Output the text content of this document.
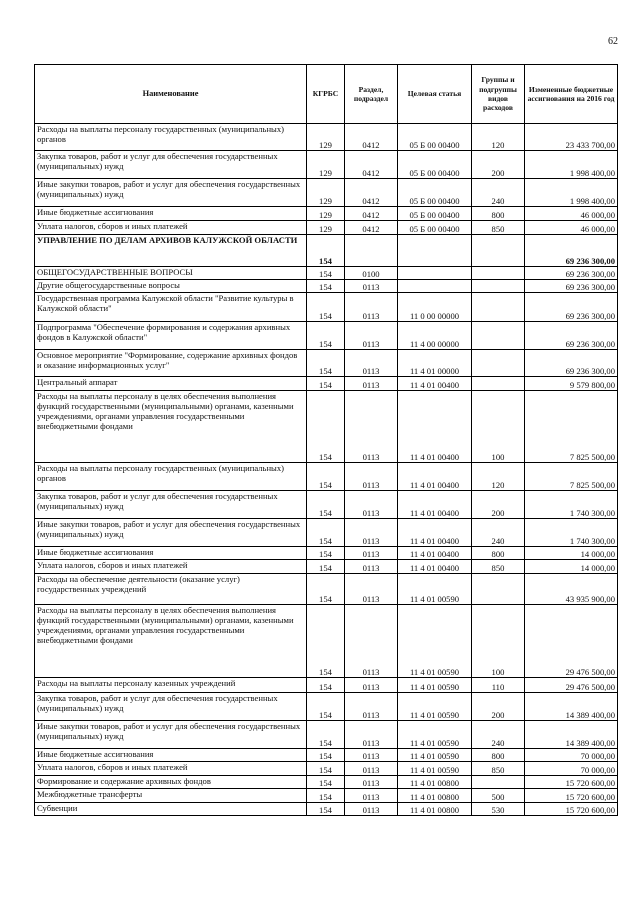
62
Наименование	КГРБС	Раздел, подраздел	Целевая статья	Группы и подгруппы видов расходов	Измененные бюджетные ассигнования на 2016 год
Расходы на выплаты персоналу государственных (муниципальных) органов	129	0412	05 Б 00 00400	120	23 433 700,00
Закупка товаров, работ и услуг для обеспечения государственных (муниципальных) нужд	129	0412	05 Б 00 00400	200	1 998 400,00
Иные закупки товаров, работ и услуг для обеспечения государственных (муниципальных) нужд	129	0412	05 Б 00 00400	240	1 998 400,00
Иные бюджетные ассигнования	129	0412	05 Б 00 00400	800	46 000,00
Уплата налогов, сборов и иных платежей	129	0412	05 Б 00 00400	850	46 000,00
УПРАВЛЕНИЕ ПО ДЕЛАМ АРХИВОВ КАЛУЖСКОЙ ОБЛАСТИ	154				69 236 300,00
ОБЩЕГОСУДАРСТВЕННЫЕ ВОПРОСЫ	154	0100			69 236 300,00
Другие общегосударственные вопросы	154	0113			69 236 300,00
Государственная программа Калужской области "Развитие культуры в Калужской области"	154	0113	11 0 00 00000		69 236 300,00
Подпрограмма "Обеспечение формирования и содержания архивных фондов в Калужской области"	154	0113	11 4 00 00000		69 236 300,00
Основное мероприятие "Формирование, содержание архивных фондов и оказание информационных услуг"	154	0113	11 4 01 00000		69 236 300,00
Центральный аппарат	154	0113	11 4 01 00400		9 579 800,00
Расходы на выплаты персоналу в целях обеспечения выполнения функций государственными (муниципальными) органами, казенными учреждениями, органами управления государственными внебюджетными фондами	154	0113	11 4 01 00400	100	7 825 500,00
Расходы на выплаты персоналу государственных (муниципальных) органов	154	0113	11 4 01 00400	120	7 825 500,00
Закупка товаров, работ и услуг для обеспечения государственных (муниципальных) нужд	154	0113	11 4 01 00400	200	1 740 300,00
Иные закупки товаров, работ и услуг для обеспечения государственных (муниципальных) нужд	154	0113	11 4 01 00400	240	1 740 300,00
Иные бюджетные ассигнования	154	0113	11 4 01 00400	800	14 000,00
Уплата налогов, сборов и иных платежей	154	0113	11 4 01 00400	850	14 000,00
Расходы на обеспечение деятельности (оказание услуг) государственных учреждений	154	0113	11 4 01 00590		43 935 900,00
Расходы на выплаты персоналу в целях обеспечения выполнения функций государственными (муниципальными) органами, казенными учреждениями, органами управления государственными внебюджетными фондами	154	0113	11 4 01 00590	100	29 476 500,00
Расходы на выплаты персоналу казенных учреждений	154	0113	11 4 01 00590	110	29 476 500,00
Закупка товаров, работ и услуг для обеспечения государственных (муниципальных) нужд	154	0113	11 4 01 00590	200	14 389 400,00
Иные закупки товаров, работ и услуг для обеспечения государственных (муниципальных) нужд	154	0113	11 4 01 00590	240	14 389 400,00
Иные бюджетные ассигнования	154	0113	11 4 01 00590	800	70 000,00
Уплата налогов, сборов и иных платежей	154	0113	11 4 01 00590	850	70 000,00
Формирование и содержание архивных фондов	154	0113	11 4 01 00800		15 720 600,00
Межбюджетные трансферты	154	0113	11 4 01 00800	500	15 720 600,00
Субвенции	154	0113	11 4 01 00800	530	15 720 600,00
